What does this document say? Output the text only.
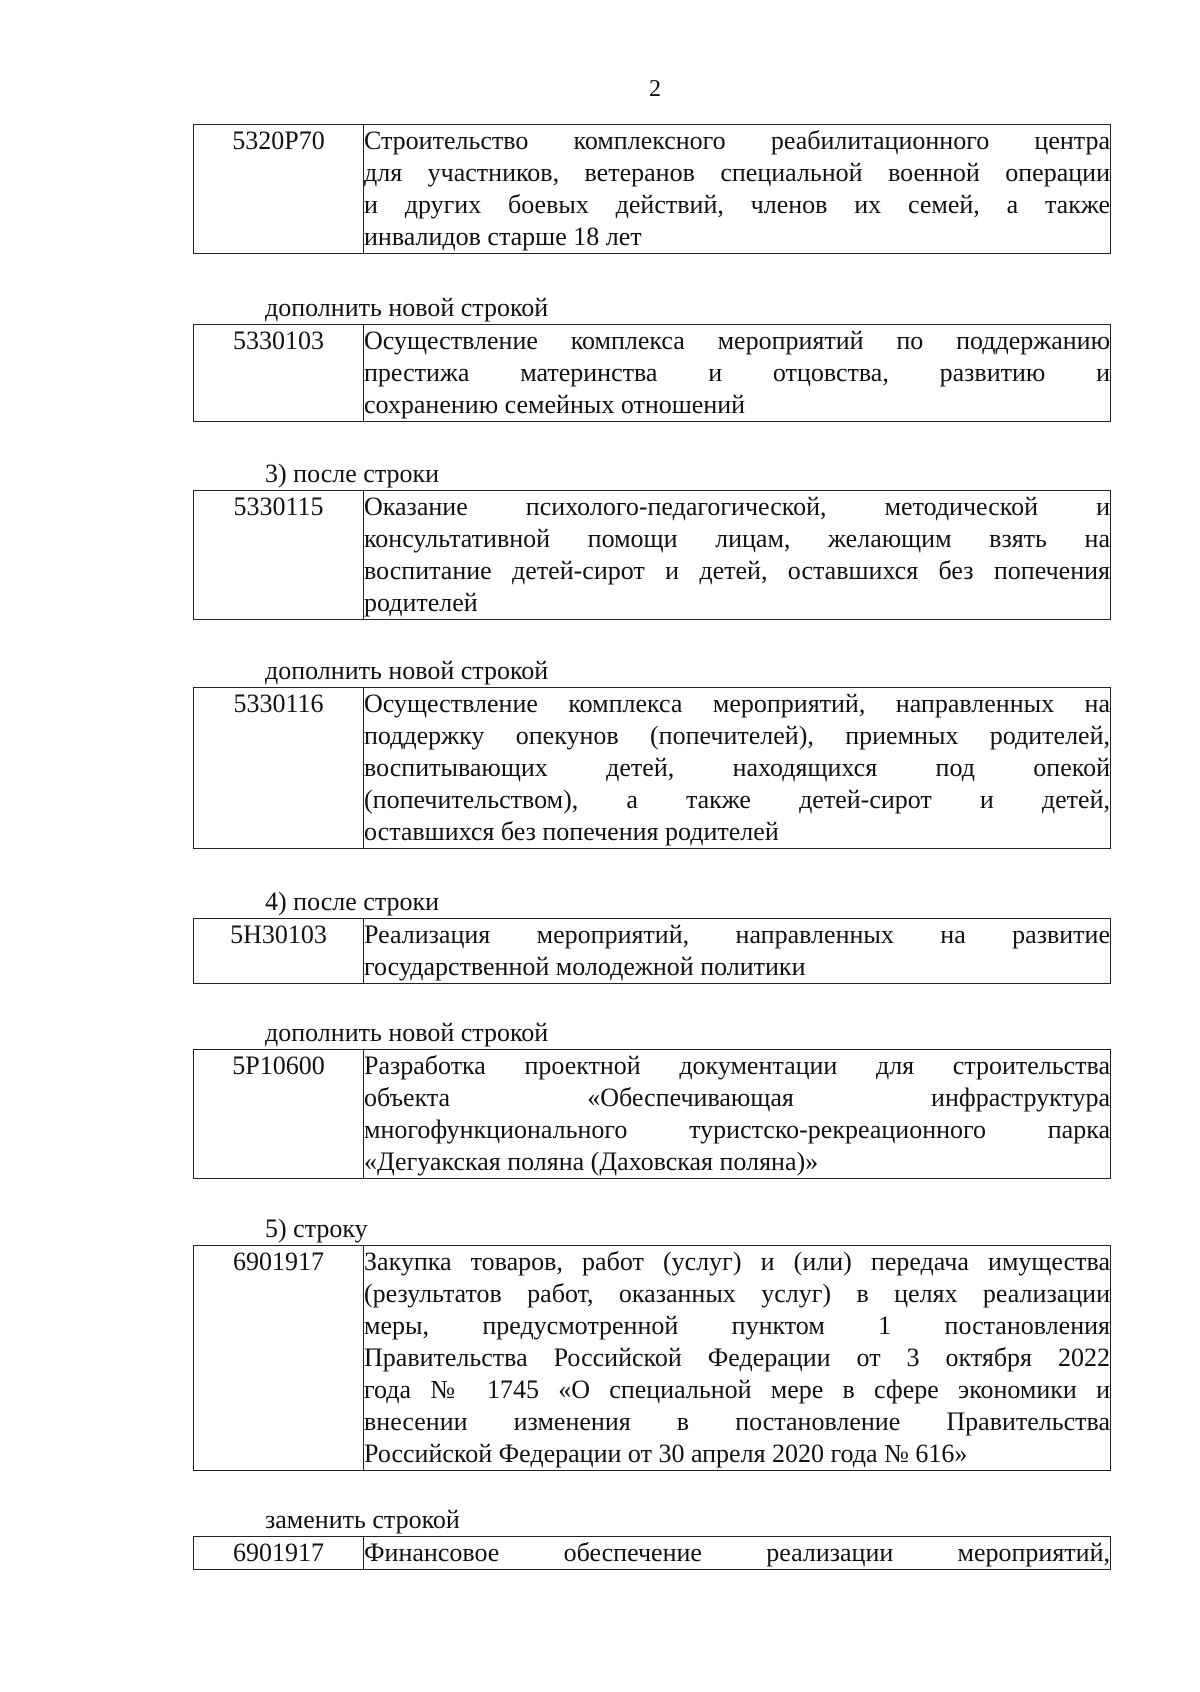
2
5320Р70	Строительство комплексного реабилитационного центра
для участников, ветеранов специальной военной операции
и других боевых действий, членов их семей, а также
инвалидов старше 18 лет
дополнить новой строкой
5330103	Осуществление комплекса мероприятий по поддержанию
престижа материнства и отцовства, развитию и
сохранению семейных отношений
3) после строки
5330115	Оказание психолого-педагогической, методической и
консультативной помощи лицам, желающим взять на
воспитание детей-сирот и детей, оставшихся без попечения
родителей
дополнить новой строкой
5330116	Осуществление комплекса мероприятий, направленных на
поддержку опекунов (попечителей), приемных родителей,
воспитывающих детей, находящихся под опекой
(попечительством), а также детей-сирот и детей,
оставшихся без попечения родителей
4) после строки
5Н30103	Реализация мероприятий, направленных на развитие
государственной молодежной политики
дополнить новой строкой
5Р10600	Разработка проектной документации для строительства
объекта «Обеспечивающая инфраструктура
многофункционального туристско-рекреационного парка
«Дегуакская поляна (Даховская поляна)»
5) строку
6901917	Закупка товаров, работ (услуг) и (или) передача имущества
(результатов работ, оказанных услуг) в целях реализации
меры, предусмотренной пунктом 1 постановления
Правительства Российской Федерации от 3 октября 2022
года № 1745 «О специальной мере в сфере экономики и
внесении изменения в постановление Правительства
Российской Федерации от 30 апреля 2020 года № 616»
заменить строкой
6901917	Финансовое обеспечение реализации мероприятий,
